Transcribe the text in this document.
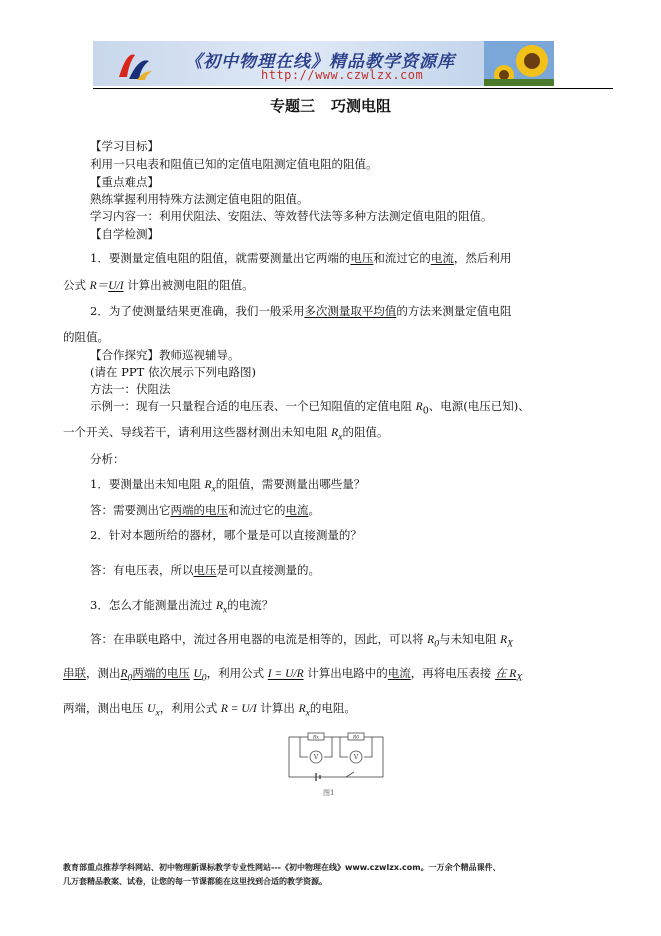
《初中物理在线》精品教学资源库
http://www.czwlzx.com
专题三 巧测电阻
【学习目标】
利用一只电表和阻值已知的定值电阻测定值电阻的阻值。
【重点难点】
熟练掌握利用特殊方法测定值电阻的阻值。
学习内容一：利用伏阻法、安阻法、等效替代法等多种方法测定值电阻的阻值。
【自学检测】
1．要测量定值电阻的阻值，就需要测量出它两端的电压和流过它的电流，然后利用
公式 R＝U/I 计算出被测电阻的阻值。
2．为了使测量结果更准确，我们一般采用多次测量取平均值的方法来测量定值电阻
的阻值。
【合作探究】教师巡视辅导。
(请在 PPT 依次展示下列电路图)
方法一：伏阻法
示例一：现有一只量程合适的电压表、一个已知阻值的定值电阻 $R_0$、电源(电压已知)、
一个开关、导线若干，请利用这些器材测出未知电阻 $R_x$的阻值。
分析：
1．要测量出未知电阻 $R_x$的阻值，需要测量出哪些量？
答：需要测出它两端的电压和流过它的电流。
2．针对本题所给的器材，哪个量是可以直接测量的？
答：有电压表，所以电压是可以直接测量的。
3．怎么才能测量出流过 $R_x$的电流？
答：在串联电路中，流过各用电器的电流是相等的，因此，可以将 $R_0$与未知电阻 $R_X$
串联，测出$R_0$两端的电压 $U_0$，利用公式 I = U/R 计算出电路中的电流，再将电压表接 在 $R_X$
两端，测出电压 $U_x$，利用公式 R = U/I 计算出 $R_x$的电阻。
Rx	R0
V	V
图1
教育部重点推荐学科网站、初中物理新课标教学专业性网站---《初中物理在线》www.czwlzx.com。一万余个精品课件、
几万套精品教案、试卷，让您的每一节课都能在这里找到合适的教学资源。
